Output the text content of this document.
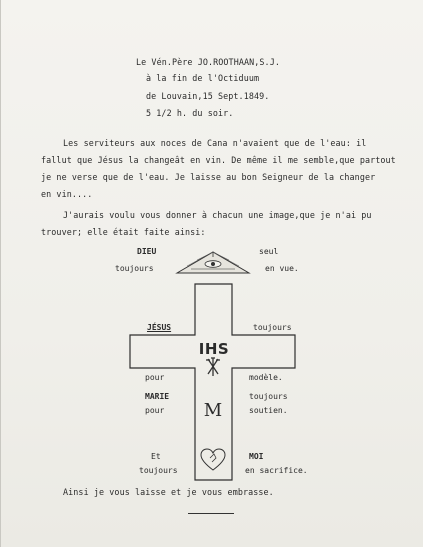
Le Vén.Père JO.ROOTHAAN,S.J.
à la fin de l'Octiduum
de Louvain,15 Sept.1849.
5 1/2 h. du soir.
Les serviteurs aux noces de Cana n'avaient que de l'eau: il
fallut que Jésus la changeât en vin. De même il me semble,que partout
je ne verse que de l'eau. Je laisse au bon Seigneur de la changer
en vin....
J'aurais voulu vous donner à chacun une image,que je n'ai pu
trouver; elle était faite ainsi:
DIEU	seul
toujours	en vue.
JÉSUS	toujours
IHS
pour	modèle.
MARIE	toujours
pour	soutien.
M
Et	MOI
toujours	en sacrifice.
Ainsi je vous laisse et je vous embrasse.
